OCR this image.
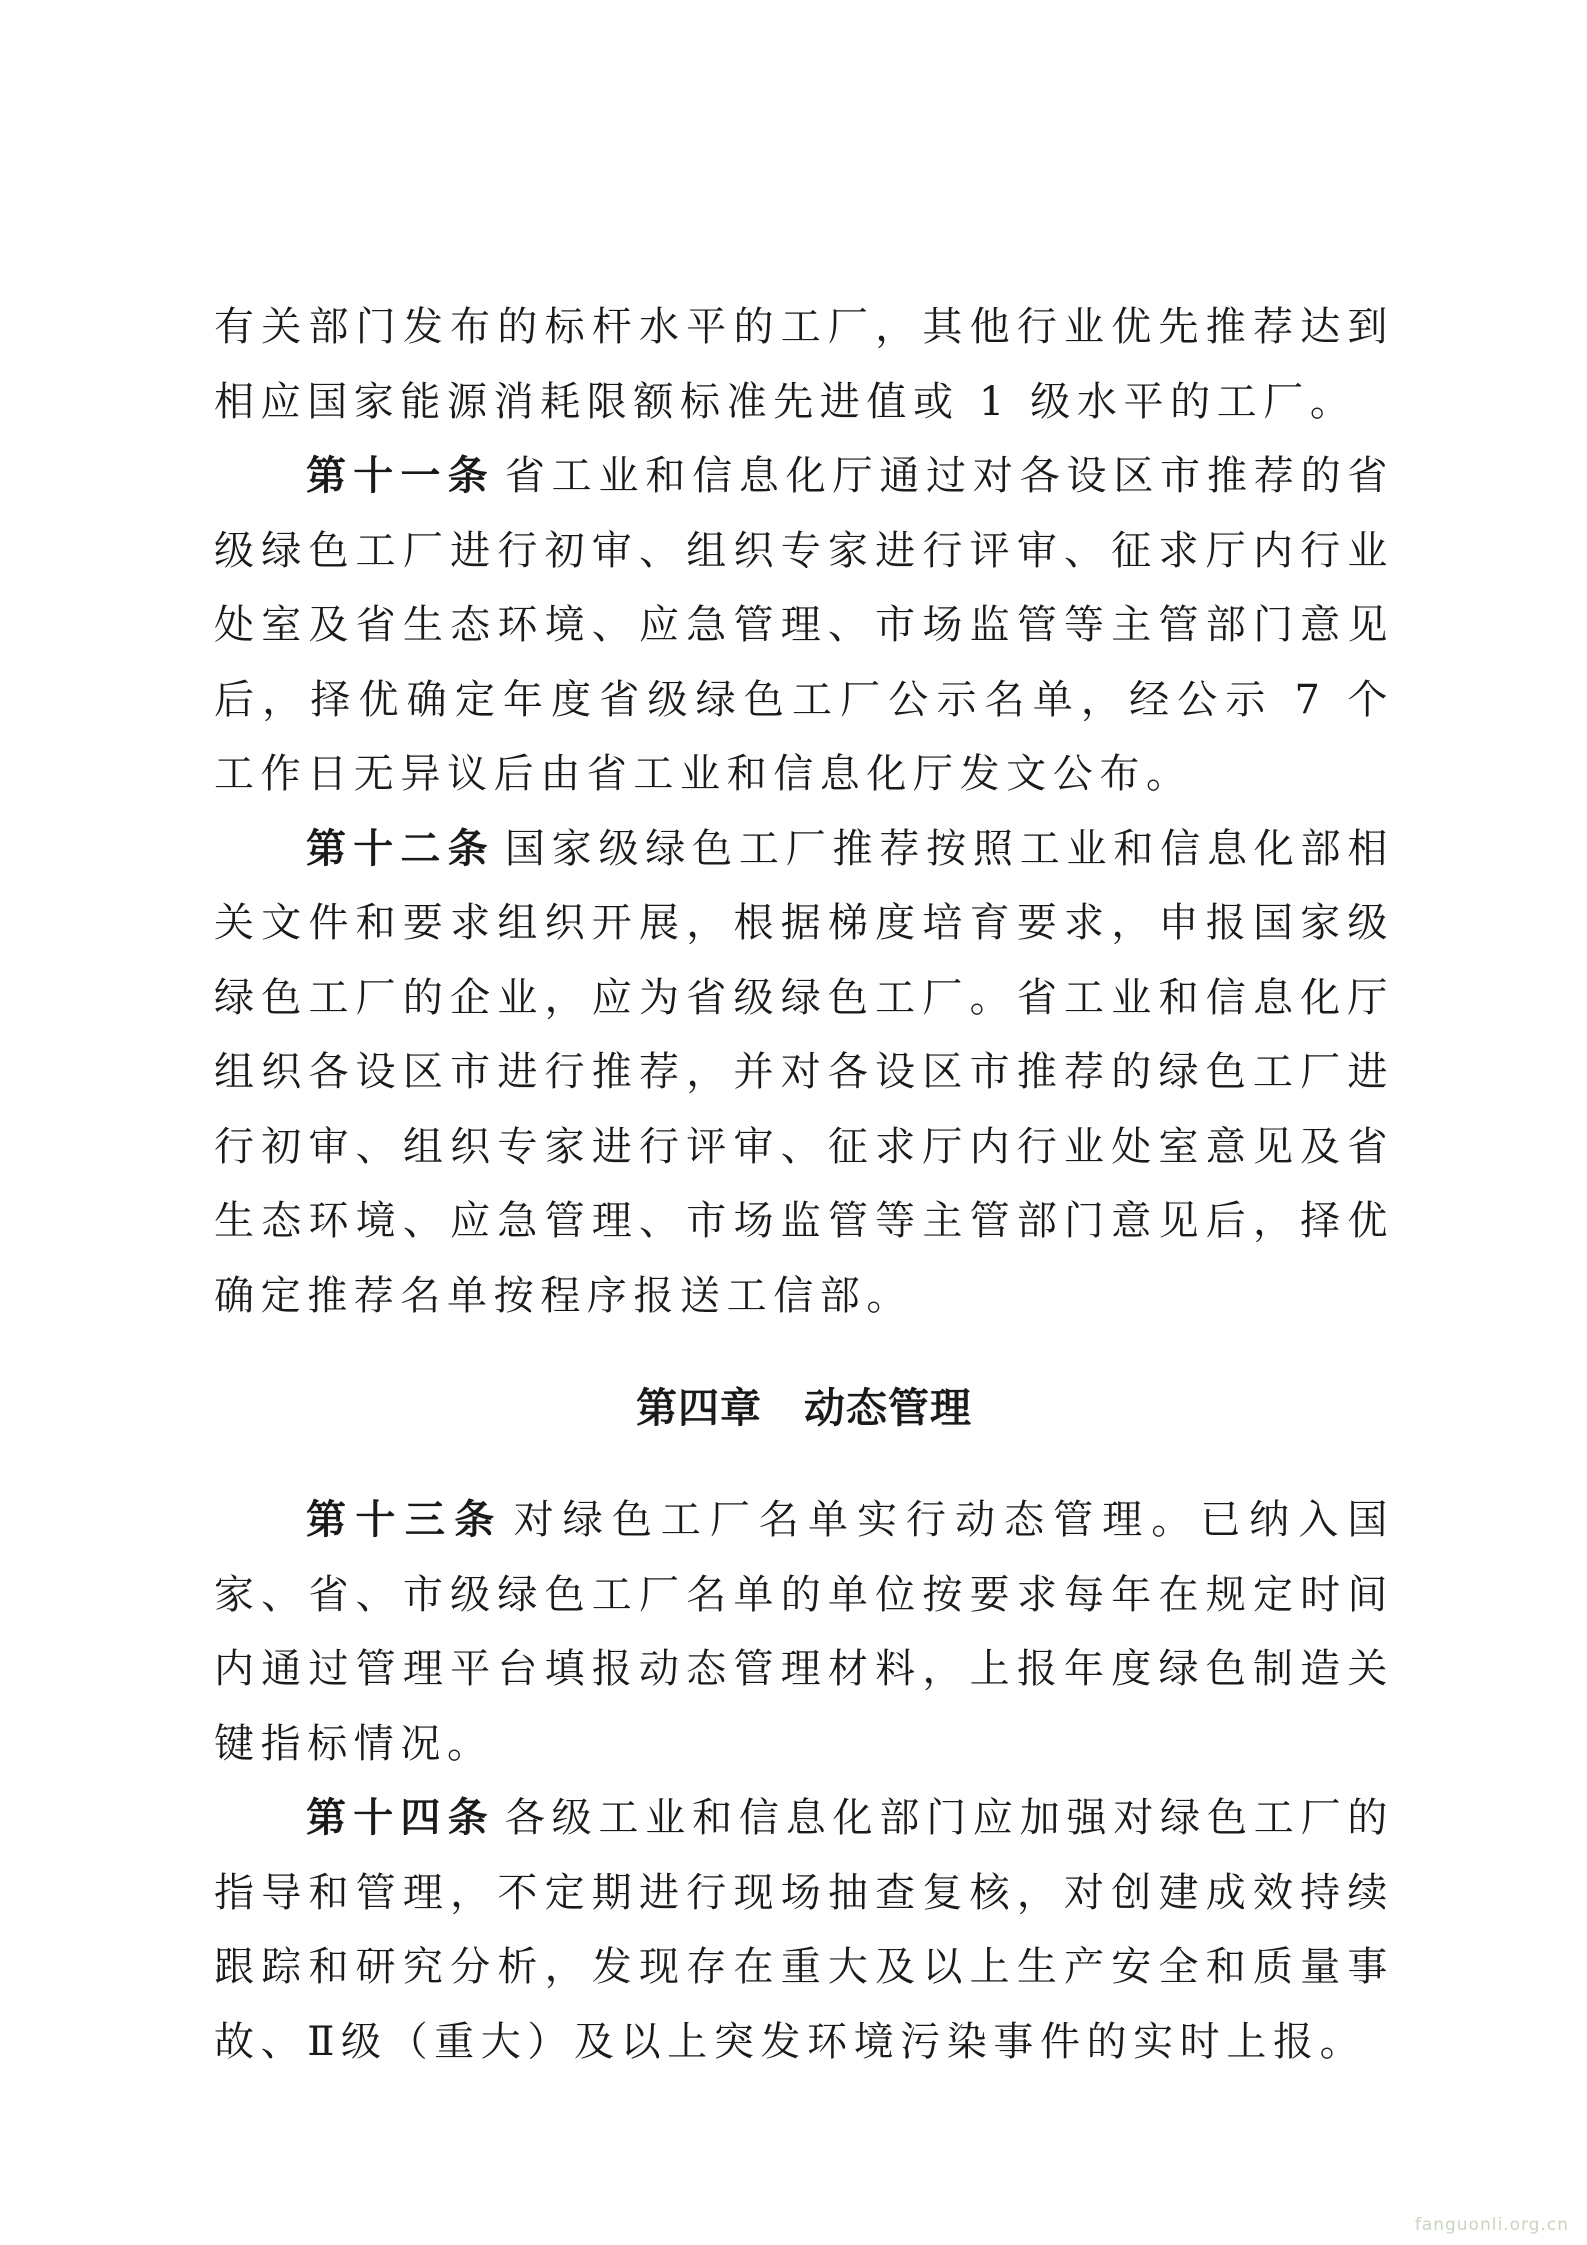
有关部门发布的标杆水平的工厂，其他行业优先推荐达到相应国家能源消耗限额标准先进值或 1 级水平的工厂。

第十一条 省工业和信息化厅通过对各设区市推荐的省级绿色工厂进行初审、组织专家进行评审、征求厅内行业处室及省生态环境、应急管理、市场监管等主管部门意见后，择优确定年度省级绿色工厂公示名单，经公示 7 个工作日无异议后由省工业和信息化厅发文公布。

第十二条 国家级绿色工厂推荐按照工业和信息化部相关文件和要求组织开展，根据梯度培育要求，申报国家级绿色工厂的企业，应为省级绿色工厂。省工业和信息化厅组织各设区市进行推荐，并对各设区市推荐的绿色工厂进行初审、组织专家进行评审、征求厅内行业处室意见及省生态环境、应急管理、市场监管等主管部门意见后，择优确定推荐名单按程序报送工信部。

第四章　动态管理

第十三条 对绿色工厂名单实行动态管理。已纳入国家、省、市级绿色工厂名单的单位按要求每年在规定时间内通过管理平台填报动态管理材料，上报年度绿色制造关键指标情况。

第十四条 各级工业和信息化部门应加强对绿色工厂的指导和管理，不定期进行现场抽查复核，对创建成效持续跟踪和研究分析，发现存在重大及以上生产安全和质量事故、Ⅱ级（重大）及以上突发环境污染事件的实时上报。

fanguonli.org.cn
